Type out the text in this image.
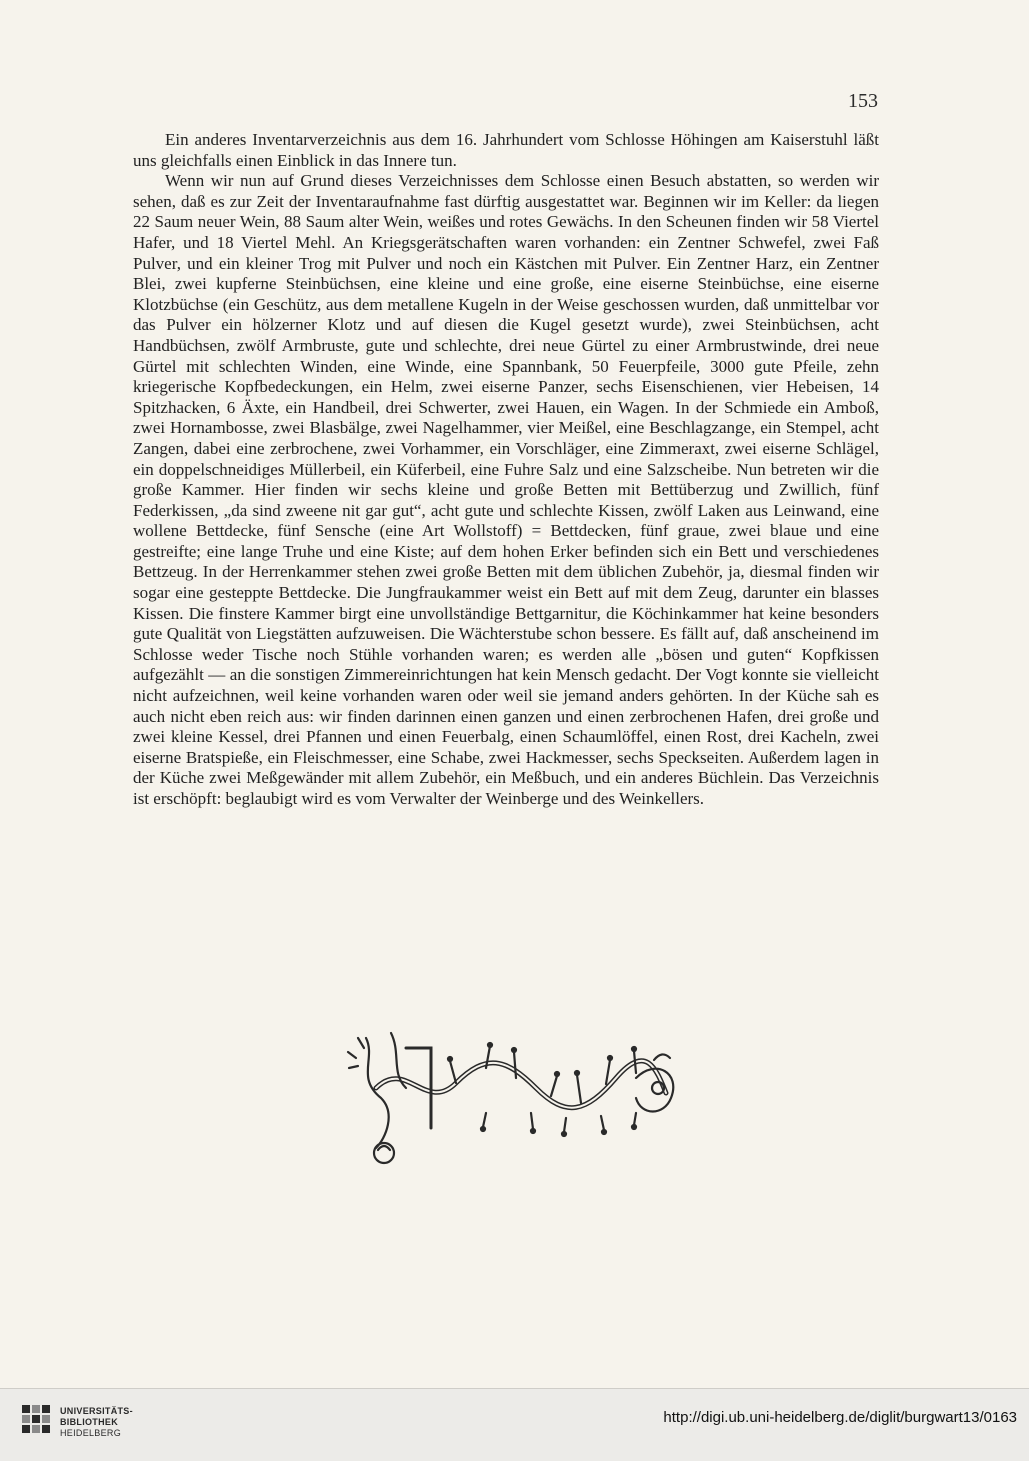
153

Ein anderes Inventarverzeichnis aus dem 16. Jahrhundert vom Schlosse Höhingen am Kaiserstuhl läßt uns gleichfalls einen Einblick in das Innere tun.

Wenn wir nun auf Grund dieses Verzeichnisses dem Schlosse einen Besuch abstatten, so werden wir sehen, daß es zur Zeit der Inventaraufnahme fast dürftig ausgestattet war. Beginnen wir im Keller: da liegen 22 Saum neuer Wein, 88 Saum alter Wein, weißes und rotes Gewächs. In den Scheunen finden wir 58 Viertel Hafer, und 18 Viertel Mehl. An Kriegsgerätschaften waren vorhanden: ein Zentner Schwefel, zwei Faß Pulver, und ein kleiner Trog mit Pulver und noch ein Kästchen mit Pulver. Ein Zentner Harz, ein Zentner Blei, zwei kupferne Steinbüchsen, eine kleine und eine große, eine eiserne Steinbüchse, eine eiserne Klotzbüchse (ein Geschütz, aus dem metallene Kugeln in der Weise geschossen wurden, daß unmittelbar vor das Pulver ein hölzerner Klotz und auf diesen die Kugel gesetzt wurde), zwei Steinbüchsen, acht Handbüchsen, zwölf Armbruste, gute und schlechte, drei neue Gürtel zu einer Armbrustwinde, drei neue Gürtel mit schlechten Winden, eine Winde, eine Spannbank, 50 Feuerpfeile, 3000 gute Pfeile, zehn kriegerische Kopfbedeckungen, ein Helm, zwei eiserne Panzer, sechs Eisenschienen, vier Hebeisen, 14 Spitzhacken, 6 Äxte, ein Handbeil, drei Schwerter, zwei Hauen, ein Wagen. In der Schmiede ein Amboß, zwei Hornambosse, zwei Blasbälge, zwei Nagelhammer, vier Meißel, eine Beschlagzange, ein Stempel, acht Zangen, dabei eine zerbrochene, zwei Vorhammer, ein Vorschläger, eine Zimmeraxt, zwei eiserne Schlägel, ein doppelschneidiges Müllerbeil, ein Küferbeil, eine Fuhre Salz und eine Salzscheibe. Nun betreten wir die große Kammer. Hier finden wir sechs kleine und große Betten mit Bettüberzug und Zwillich, fünf Federkissen, „da sind zweene nit gar gut“, acht gute und schlechte Kissen, zwölf Laken aus Leinwand, eine wollene Bettdecke, fünf Sensche (eine Art Wollstoff) = Bettdecken, fünf graue, zwei blaue und eine gestreifte; eine lange Truhe und eine Kiste; auf dem hohen Erker befinden sich ein Bett und verschiedenes Bettzeug. In der Herrenkammer stehen zwei große Betten mit dem üblichen Zubehör, ja, diesmal finden wir sogar eine gesteppte Bettdecke. Die Jungfraukammer weist ein Bett auf mit dem Zeug, darunter ein blasses Kissen. Die finstere Kammer birgt eine unvollständige Bettgarnitur, die Köchinkammer hat keine besonders gute Qualität von Liegstätten aufzuweisen. Die Wächterstube schon bessere. Es fällt auf, daß anscheinend im Schlosse weder Tische noch Stühle vorhanden waren; es werden alle „bösen und guten“ Kopfkissen aufgezählt — an die sonstigen Zimmereinrichtungen hat kein Mensch gedacht. Der Vogt konnte sie vielleicht nicht aufzeichnen, weil keine vorhanden waren oder weil sie jemand anders gehörten. In der Küche sah es auch nicht eben reich aus: wir finden darinnen einen ganzen und einen zerbrochenen Hafen, drei große und zwei kleine Kessel, drei Pfannen und einen Feuerbalg, einen Schaumlöffel, einen Rost, drei Kacheln, zwei eiserne Bratspieße, ein Fleischmesser, eine Schabe, zwei Hackmesser, sechs Speckseiten. Außerdem lagen in der Küche zwei Meßgewänder mit allem Zubehör, ein Meßbuch, und ein anderes Büchlein. Das Verzeichnis ist erschöpft: beglaubigt wird es vom Verwalter der Weinberge und des Weinkellers.

UNIVERSITÄTS-
BIBLIOTHEK
HEIDELBERG
http://digi.ub.uni-heidelberg.de/diglit/burgwart13/0163
